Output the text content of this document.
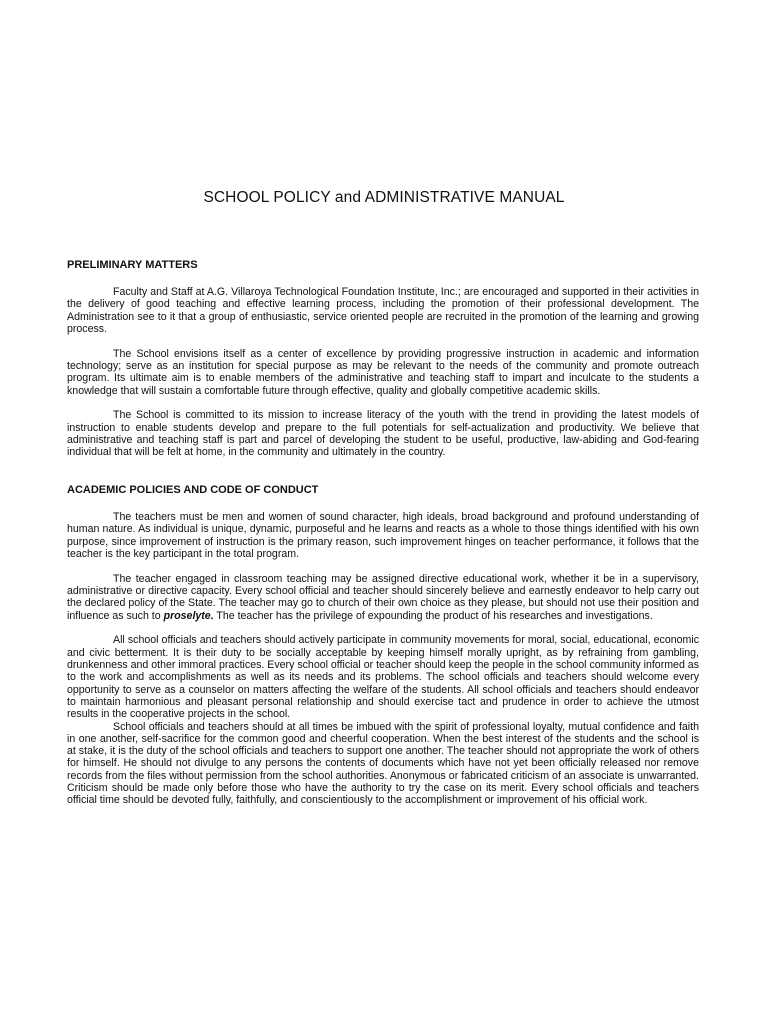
SCHOOL POLICY and ADMINISTRATIVE MANUAL
PRELIMINARY MATTERS

Faculty and Staff at A.G. Villaroya Technological Foundation Institute, Inc.; are encouraged and supported in their activities in the delivery of good teaching and effective learning process, including the promotion of their professional development. The Administration see to it that a group of enthusiastic, service oriented people are recruited in the promotion of the learning and growing process.

The School envisions itself as a center of excellence by providing progressive instruction in academic and information technology; serve as an institution for special purpose as may be relevant to the needs of the community and promote outreach program. Its ultimate aim is to enable members of the administrative and teaching staff to impart and inculcate to the students a knowledge that will sustain a comfortable future through effective, quality and globally competitive academic skills.

The School is committed to its mission to increase literacy of the youth with the trend in providing the latest models of instruction to enable students develop and prepare to the full potentials for self-actualization and productivity. We believe that administrative and teaching staff is part and parcel of developing the student to be useful, productive, law-abiding and God-fearing individual that will be felt at home, in the community and ultimately in the country.

ACADEMIC POLICIES AND CODE OF CONDUCT

The teachers must be men and women of sound character, high ideals, broad background and profound understanding of human nature. As individual is unique, dynamic, purposeful and he learns and reacts as a whole to those things identified with his own purpose, since improvement of instruction is the primary reason, such improvement hinges on teacher performance, it follows that the teacher is the key participant in the total program.

The teacher engaged in classroom teaching may be assigned directive educational work, whether it be in a supervisory, administrative or directive capacity. Every school official and teacher should sincerely believe and earnestly endeavor to help carry out the declared policy of the State. The teacher may go to church of their own choice as they please, but should not use their position and influence as such to proselyte. The teacher has the privilege of expounding the product of his researches and investigations.

All school officials and teachers should actively participate in community movements for moral, social, educational, economic and civic betterment. It is their duty to be socially acceptable by keeping himself morally upright, as by refraining from gambling, drunkenness and other immoral practices. Every school official or teacher should keep the people in the school community informed as to the work and accomplishments as well as its needs and its problems. The school officials and teachers should welcome every opportunity to serve as a counselor on matters affecting the welfare of the students. All school officials and teachers should endeavor to maintain harmonious and pleasant personal relationship and should exercise tact and prudence in order to achieve the utmost results in the cooperative projects in the school.

School officials and teachers should at all times be imbued with the spirit of professional loyalty, mutual confidence and faith in one another, self-sacrifice for the common good and cheerful cooperation. When the best interest of the students and the school is at stake, it is the duty of the school officials and teachers to support one another. The teacher should not appropriate the work of others for himself. He should not divulge to any persons the contents of documents which have not yet been officially released nor remove records from the files without permission from the school authorities. Anonymous or fabricated criticism of an associate is unwarranted. Criticism should be made only before those who have the authority to try the case on its merit. Every school officials and teachers official time should be devoted fully, faithfully, and conscientiously to the accomplishment or improvement of his official work.
